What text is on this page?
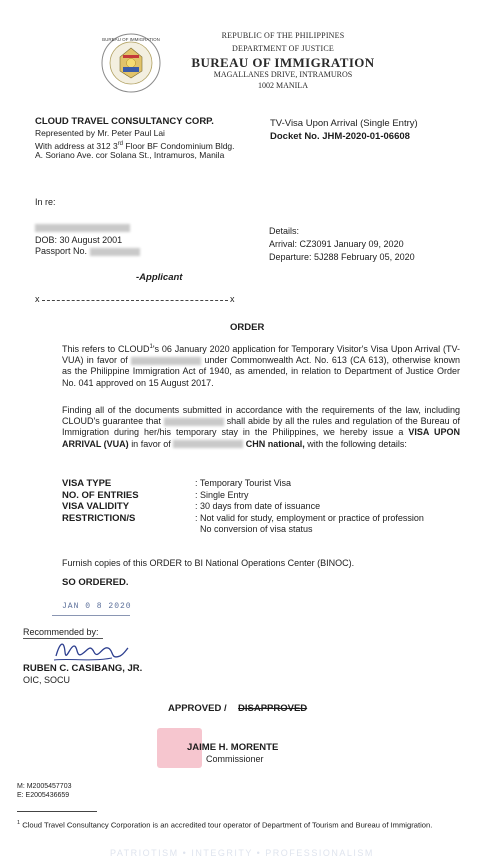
BUREAU OF IMMIGRATION	REPUBLIC OF THE PHILIPPINES
DEPARTMENT OF JUSTICE
BUREAU OF IMMIGRATION
MAGALLANES DRIVE, INTRAMUROS
1002 MANILA
CLOUD TRAVEL CONSULTANCY CORP.
Represented by Mr. Peter Paul Lai
With address at 312 3rd Floor BF Condominium Bldg.
A. Soriano Ave. cor Solana St., Intramuros, Manila
TV-Visa Upon Arrival (Single Entry)
Docket No. JHM-2020-01-06608
In re:
DOB: 30 August 2001
Passport No.
-Applicant
Details:
Arrival: CZ3091 January 09, 2020
Departure: 5J288 February 05, 2020
x	x
ORDER
This refers to CLOUD$^1$'s 06 January 2020 application for Temporary Visitor's Visa Upon Arrival (TV-VUA) in favor of	under Commonwealth Act. No. 613 (CA 613), otherwise known as the Philippine Immigration Act of 1940, as amended, in relation to Department of Justice Order No. 041 approved on 15 August 2017.
Finding all of the documents submitted in accordance with the requirements of the law, including CLOUD's guarantee that	shall abide by all the rules and regulation of the Bureau of Immigration during her/his temporary stay in the Philippines, we hereby issue a VISA UPON ARRIVAL (VUA) in favor of	CHN national, with the following details:
VISA TYPE	: Temporary Tourist Visa
NO. OF ENTRIES	: Single Entry
VISA VALIDITY	: 30 days from date of issuance
RESTRICTION/S	: Not valid for study, employment or practice of profession
No conversion of visa status
Furnish copies of this ORDER to BI National Operations Center (BINOC).
SO ORDERED.
JAN 0 8 2020
Recommended by:
RUBEN C. CASIBANG, JR.
OIC, SOCU
APPROVED / DISAPPROVED
JAIME H. MORENTE
Commissioner
M: M2005457703
E: E2005436659
$^1$ Cloud Travel Consultancy Corporation is an accredited tour operator of Department of Tourism and Bureau of Immigration.
PATRIOTISM • INTEGRITY • PROFESSIONALISM
